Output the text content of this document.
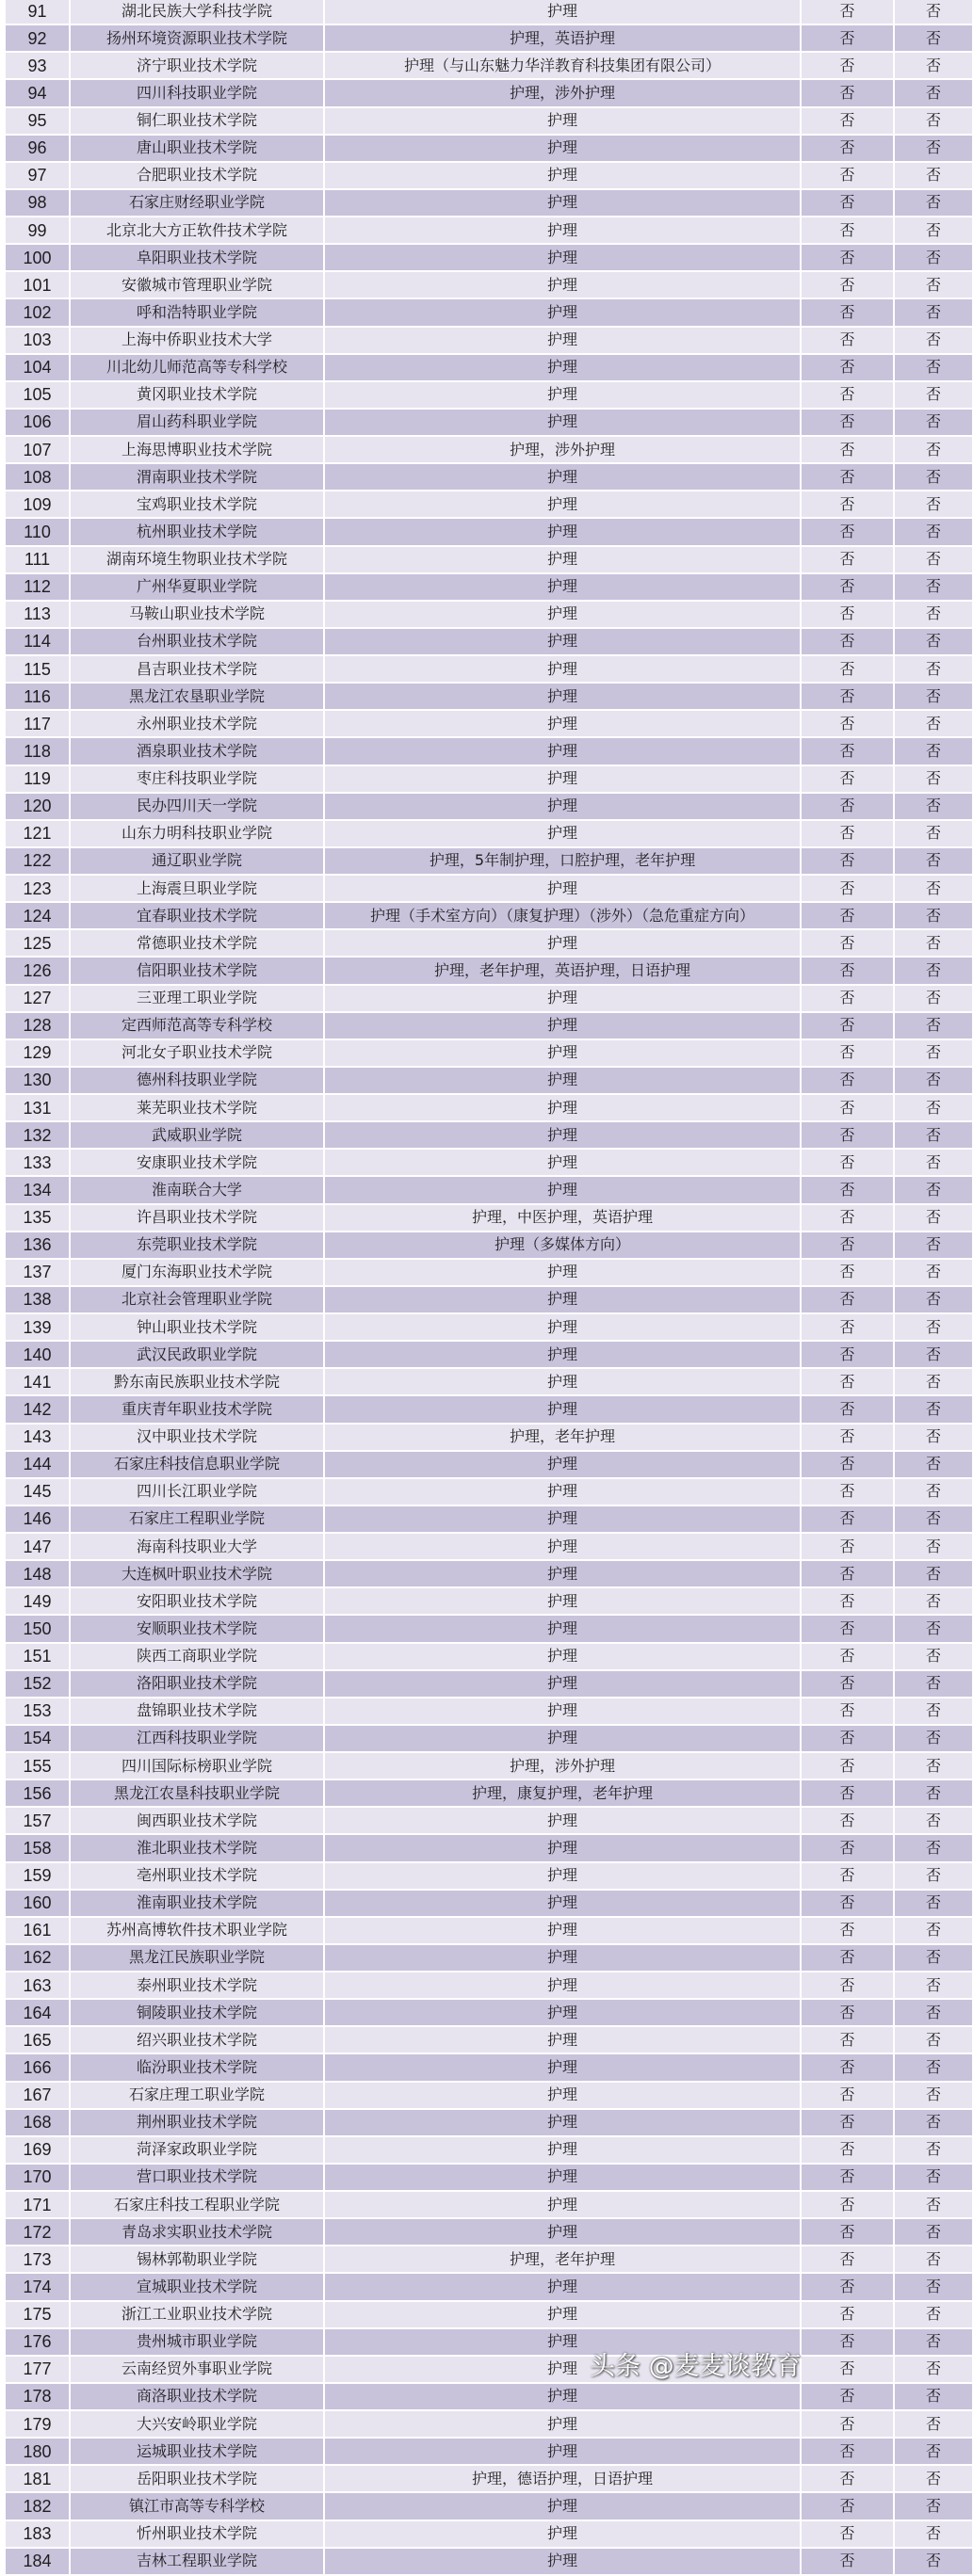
91	湖北民族大学科技学院	护理	否	否
92	扬州环境资源职业技术学院	护理，英语护理	否	否
93	济宁职业技术学院	护理（与山东魅力华洋教育科技集团有限公司）	否	否
94	四川科技职业学院	护理，涉外护理	否	否
95	铜仁职业技术学院	护理	否	否
96	唐山职业技术学院	护理	否	否
97	合肥职业技术学院	护理	否	否
98	石家庄财经职业学院	护理	否	否
99	北京北大方正软件技术学院	护理	否	否
100	阜阳职业技术学院	护理	否	否
101	安徽城市管理职业学院	护理	否	否
102	呼和浩特职业学院	护理	否	否
103	上海中侨职业技术大学	护理	否	否
104	川北幼儿师范高等专科学校	护理	否	否
105	黄冈职业技术学院	护理	否	否
106	眉山药科职业学院	护理	否	否
107	上海思博职业技术学院	护理，涉外护理	否	否
108	渭南职业技术学院	护理	否	否
109	宝鸡职业技术学院	护理	否	否
110	杭州职业技术学院	护理	否	否
111	湖南环境生物职业技术学院	护理	否	否
112	广州华夏职业学院	护理	否	否
113	马鞍山职业技术学院	护理	否	否
114	台州职业技术学院	护理	否	否
115	昌吉职业技术学院	护理	否	否
116	黑龙江农垦职业学院	护理	否	否
117	永州职业技术学院	护理	否	否
118	酒泉职业技术学院	护理	否	否
119	枣庄科技职业学院	护理	否	否
120	民办四川天一学院	护理	否	否
121	山东力明科技职业学院	护理	否	否
122	通辽职业学院	护理，5年制护理，口腔护理，老年护理	否	否
123	上海震旦职业学院	护理	否	否
124	宜春职业技术学院	护理（手术室方向）（康复护理）（涉外）（急危重症方向）	否	否
125	常德职业技术学院	护理	否	否
126	信阳职业技术学院	护理，老年护理，英语护理，日语护理	否	否
127	三亚理工职业学院	护理	否	否
128	定西师范高等专科学校	护理	否	否
129	河北女子职业技术学院	护理	否	否
130	德州科技职业学院	护理	否	否
131	莱芜职业技术学院	护理	否	否
132	武威职业学院	护理	否	否
133	安康职业技术学院	护理	否	否
134	淮南联合大学	护理	否	否
135	许昌职业技术学院	护理，中医护理，英语护理	否	否
136	东莞职业技术学院	护理（多媒体方向）	否	否
137	厦门东海职业技术学院	护理	否	否
138	北京社会管理职业学院	护理	否	否
139	钟山职业技术学院	护理	否	否
140	武汉民政职业学院	护理	否	否
141	黔东南民族职业技术学院	护理	否	否
142	重庆青年职业技术学院	护理	否	否
143	汉中职业技术学院	护理，老年护理	否	否
144	石家庄科技信息职业学院	护理	否	否
145	四川长江职业学院	护理	否	否
146	石家庄工程职业学院	护理	否	否
147	海南科技职业大学	护理	否	否
148	大连枫叶职业技术学院	护理	否	否
149	安阳职业技术学院	护理	否	否
150	安顺职业技术学院	护理	否	否
151	陕西工商职业学院	护理	否	否
152	洛阳职业技术学院	护理	否	否
153	盘锦职业技术学院	护理	否	否
154	江西科技职业学院	护理	否	否
155	四川国际标榜职业学院	护理，涉外护理	否	否
156	黑龙江农垦科技职业学院	护理，康复护理，老年护理	否	否
157	闽西职业技术学院	护理	否	否
158	淮北职业技术学院	护理	否	否
159	亳州职业技术学院	护理	否	否
160	淮南职业技术学院	护理	否	否
161	苏州高博软件技术职业学院	护理	否	否
162	黑龙江民族职业学院	护理	否	否
163	泰州职业技术学院	护理	否	否
164	铜陵职业技术学院	护理	否	否
165	绍兴职业技术学院	护理	否	否
166	临汾职业技术学院	护理	否	否
167	石家庄理工职业学院	护理	否	否
168	荆州职业技术学院	护理	否	否
169	菏泽家政职业学院	护理	否	否
170	营口职业技术学院	护理	否	否
171	石家庄科技工程职业学院	护理	否	否
172	青岛求实职业技术学院	护理	否	否
173	锡林郭勒职业学院	护理，老年护理	否	否
174	宣城职业技术学院	护理	否	否
175	浙江工业职业技术学院	护理	否	否
176	贵州城市职业学院	护理	否	否
177	云南经贸外事职业学院	护理	否	否
178	商洛职业技术学院	护理	否	否
179	大兴安岭职业学院	护理	否	否
180	运城职业技术学院	护理	否	否
181	岳阳职业技术学院	护理，德语护理，日语护理	否	否
182	镇江市高等专科学校	护理	否	否
183	忻州职业技术学院	护理	否	否
184	吉林工程职业学院	护理	否	否
头条 @麦麦谈教育
